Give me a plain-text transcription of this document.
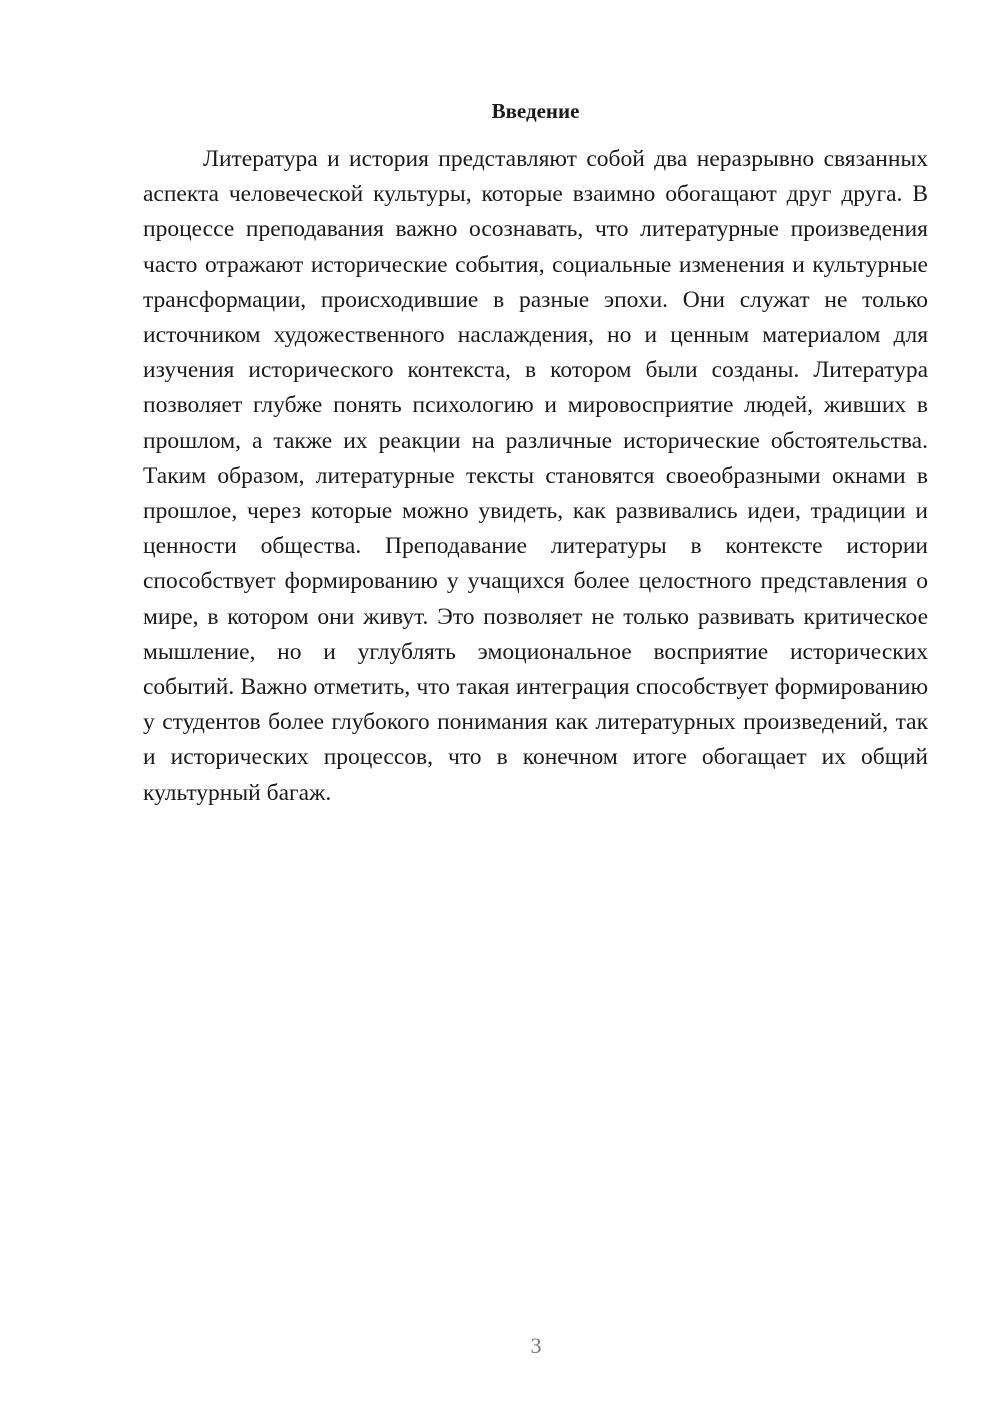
Введение

Литература и история представляют собой два неразрывно связанных аспекта человеческой культуры, которые взаимно обогащают друг друга. В процессе преподавания важно осознавать, что литературные произведения часто отражают исторические события, социальные изменения и культурные трансформации, происходившие в разные эпохи. Они служат не только источником художественного наслаждения, но и ценным материалом для изучения исторического контекста, в котором были созданы. Литература позволяет глубже понять психологию и мировосприятие людей, живших в прошлом, а также их реакции на различные исторические обстоятельства. Таким образом, литературные тексты становятся своеобразными окнами в прошлое, через которые можно увидеть, как развивались идеи, традиции и ценности общества. Преподавание литературы в контексте истории способствует формированию у учащихся более целостного представления о мире, в котором они живут. Это позволяет не только развивать критическое мышление, но и углублять эмоциональное восприятие исторических событий. Важно отметить, что такая интеграция способствует формированию у студентов более глубокого понимания как литературных произведений, так и исторических процессов, что в конечном итоге обогащает их общий культурный багаж.

3
